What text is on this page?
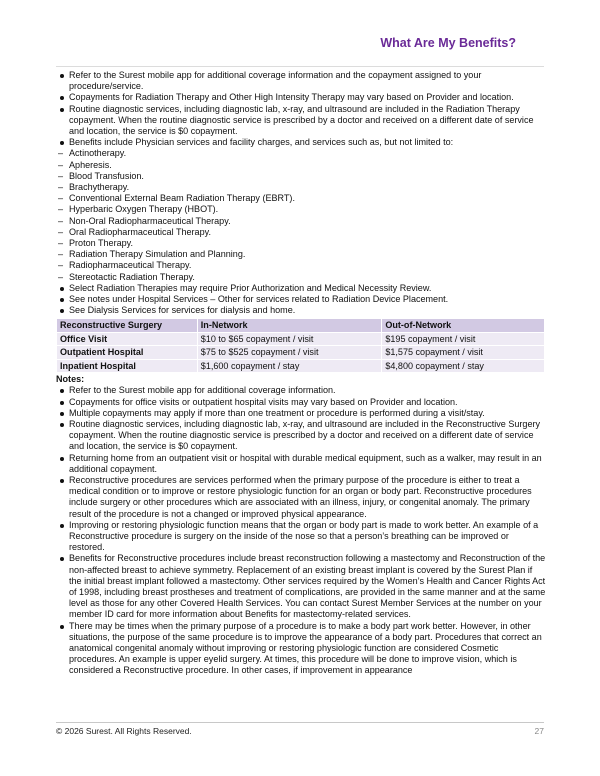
What Are My Benefits?
Refer to the Surest mobile app for additional coverage information and the copayment assigned to your procedure/service.
Copayments for Radiation Therapy and Other High Intensity Therapy may vary based on Provider and location.
Routine diagnostic services, including diagnostic lab, x-ray, and ultrasound are included in the Radiation Therapy copayment. When the routine diagnostic service is prescribed by a doctor and received on a different date of service and location, the service is $0 copayment.
Benefits include Physician services and facility charges, and services such as, but not limited to:
– Actinotherapy.
– Apheresis.
– Blood Transfusion.
– Brachytherapy.
– Conventional External Beam Radiation Therapy (EBRT).
– Hyperbaric Oxygen Therapy (HBOT).
– Non-Oral Radiopharmaceutical Therapy.
– Oral Radiopharmaceutical Therapy.
– Proton Therapy.
– Radiation Therapy Simulation and Planning.
– Radiopharmaceutical Therapy.
– Stereotactic Radiation Therapy.
Select Radiation Therapies may require Prior Authorization and Medical Necessity Review.
See notes under Hospital Services – Other for services related to Radiation Device Placement.
See Dialysis Services for services for dialysis and home.
Reconstructive Surgery	In-Network	Out-of-Network
Office Visit	$10 to $65 copayment / visit	$195 copayment / visit
Outpatient Hospital	$75 to $525 copayment / visit	$1,575 copayment / visit
Inpatient Hospital	$1,600 copayment / stay	$4,800 copayment / stay
Notes:
Refer to the Surest mobile app for additional coverage information.
Copayments for office visits or outpatient hospital visits may vary based on Provider and location.
Multiple copayments may apply if more than one treatment or procedure is performed during a visit/stay.
Routine diagnostic services, including diagnostic lab, x-ray, and ultrasound are included in the Reconstructive Surgery copayment. When the routine diagnostic service is prescribed by a doctor and received on a different date of service and location, the service is $0 copayment.
Returning home from an outpatient visit or hospital with durable medical equipment, such as a walker, may result in an additional copayment.
Reconstructive procedures are services performed when the primary purpose of the procedure is either to treat a medical condition or to improve or restore physiologic function for an organ or body part. Reconstructive procedures include surgery or other procedures which are associated with an illness, injury, or congenital anomaly. The primary result of the procedure is not a changed or improved physical appearance.
Improving or restoring physiologic function means that the organ or body part is made to work better. An example of a Reconstructive procedure is surgery on the inside of the nose so that a person’s breathing can be improved or restored.
Benefits for Reconstructive procedures include breast reconstruction following a mastectomy and Reconstruction of the non-affected breast to achieve symmetry. Replacement of an existing breast implant is covered by the Surest Plan if the initial breast implant followed a mastectomy. Other services required by the Women’s Health and Cancer Rights Act of 1998, including breast prostheses and treatment of complications, are provided in the same manner and at the same level as those for any other Covered Health Services. You can contact Surest Member Services at the number on your member ID card for more information about Benefits for mastectomy-related services.
There may be times when the primary purpose of a procedure is to make a body part work better. However, in other situations, the purpose of the same procedure is to improve the appearance of a body part. Procedures that correct an anatomical congenital anomaly without improving or restoring physiologic function are considered Cosmetic procedures. An example is upper eyelid surgery. At times, this procedure will be done to improve vision, which is considered a Reconstructive procedure. In other cases, if improvement in appearance
© 2026 Surest. All Rights Reserved.	27
